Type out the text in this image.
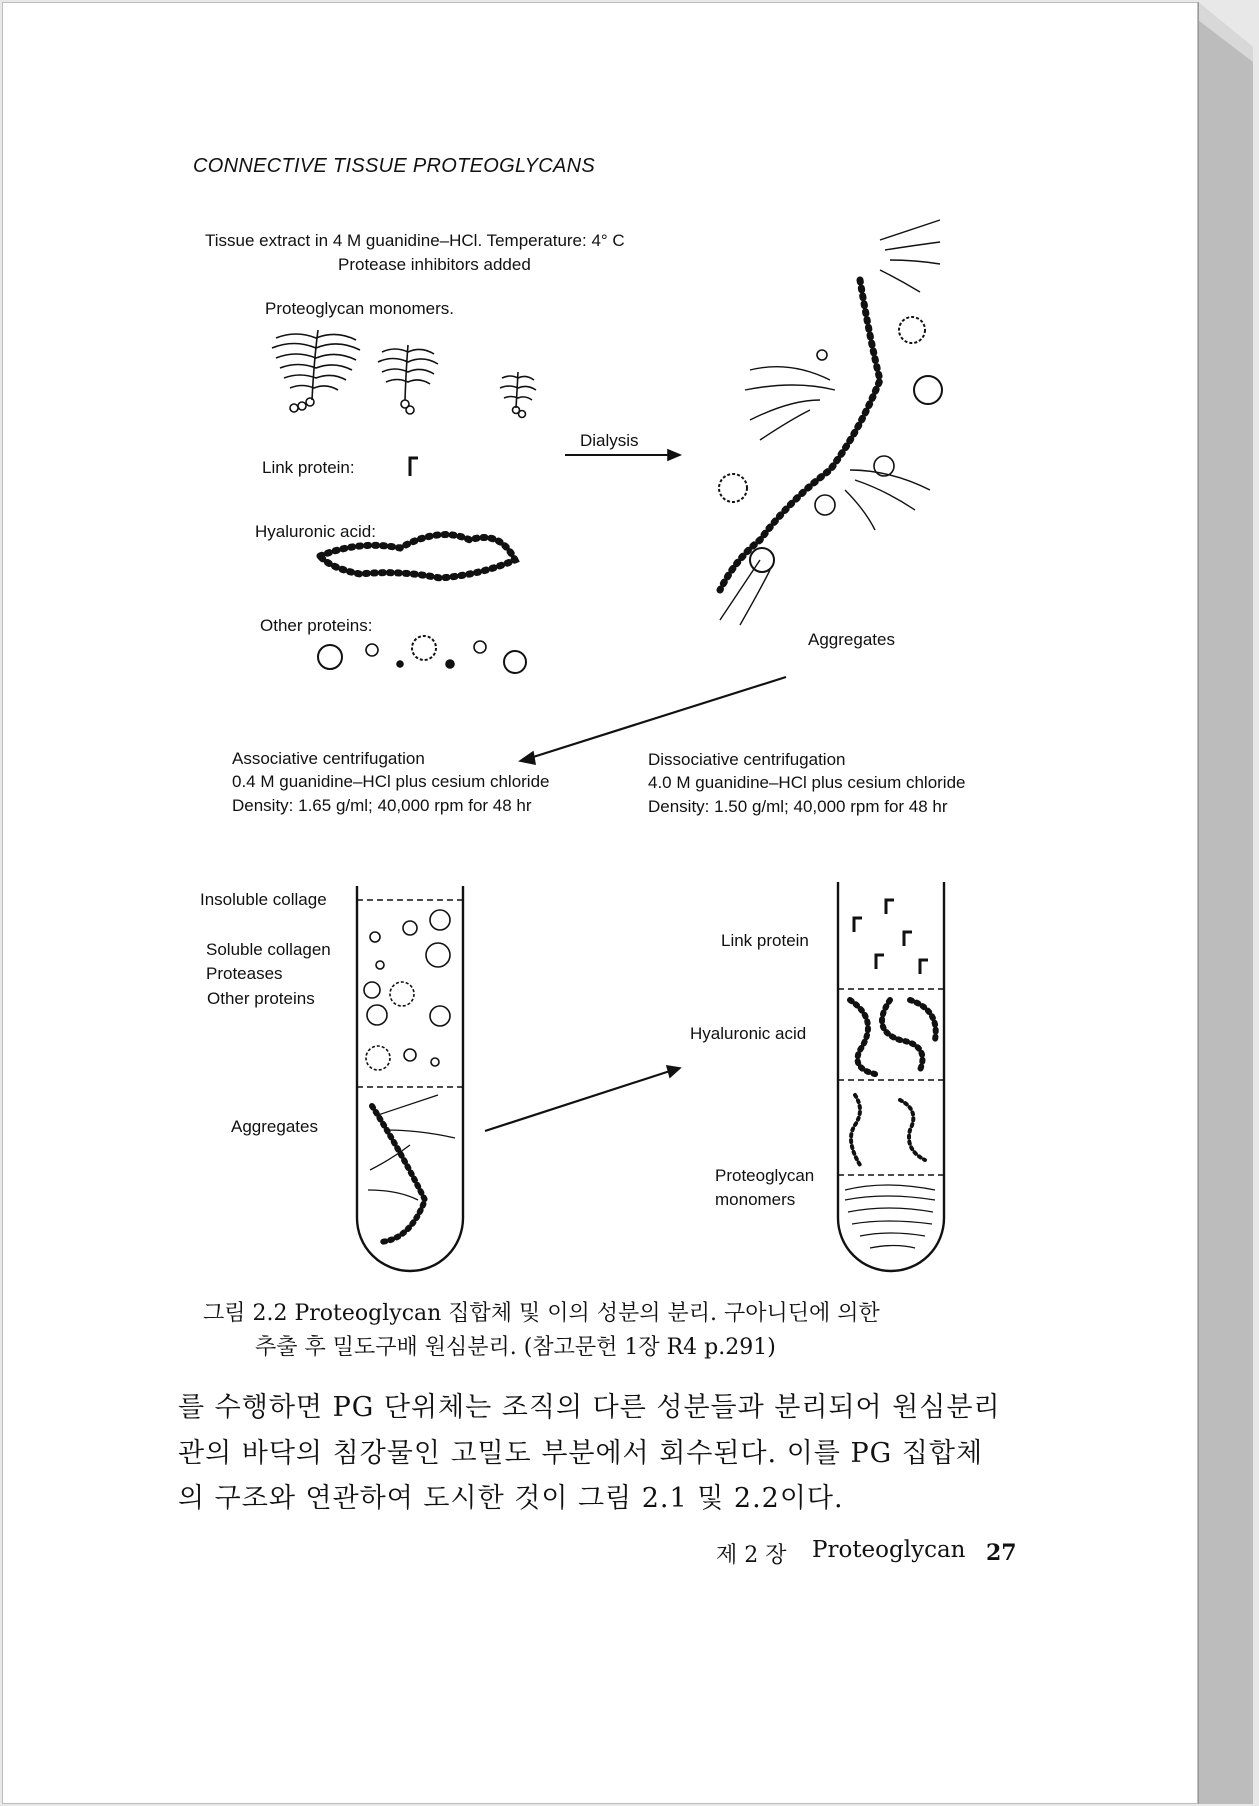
CONNECTIVE TISSUE PROTEOGLYCANS
Tissue extract in 4 M guanidine–HCl. Temperature: 4° C
Protease inhibitors added
Proteoglycan monomers.
Link protein:
Hyaluronic acid:
Other proteins:
Dialysis
Aggregates
Associative centrifugation
0.4 M guanidine–HCl plus cesium chloride
Density: 1.65 g/ml; 40,000 rpm for 48 hr
Dissociative centrifugation
4.0 M guanidine–HCl plus cesium chloride
Density: 1.50 g/ml; 40,000 rpm for 48 hr
Insoluble collage
Soluble collagen
Proteases
Other proteins
Aggregates
Link protein
Hyaluronic acid
Proteoglycan
monomers
그림 2.2 Proteoglycan 집합체 및 이의 성분의 분리. 구아니딘에 의한
추출 후 밀도구배 원심분리. (참고문헌 1장 R4 p.291)
를 수행하면 PG 단위체는 조직의 다른 성분들과 분리되어 원심분리
관의 바닥의 침강물인 고밀도 부분에서 회수된다. 이를 PG 집합체
의 구조와 연관하여 도시한 것이 그림 2.1 및 2.2이다.
제 2 장 Proteoglycan 27
